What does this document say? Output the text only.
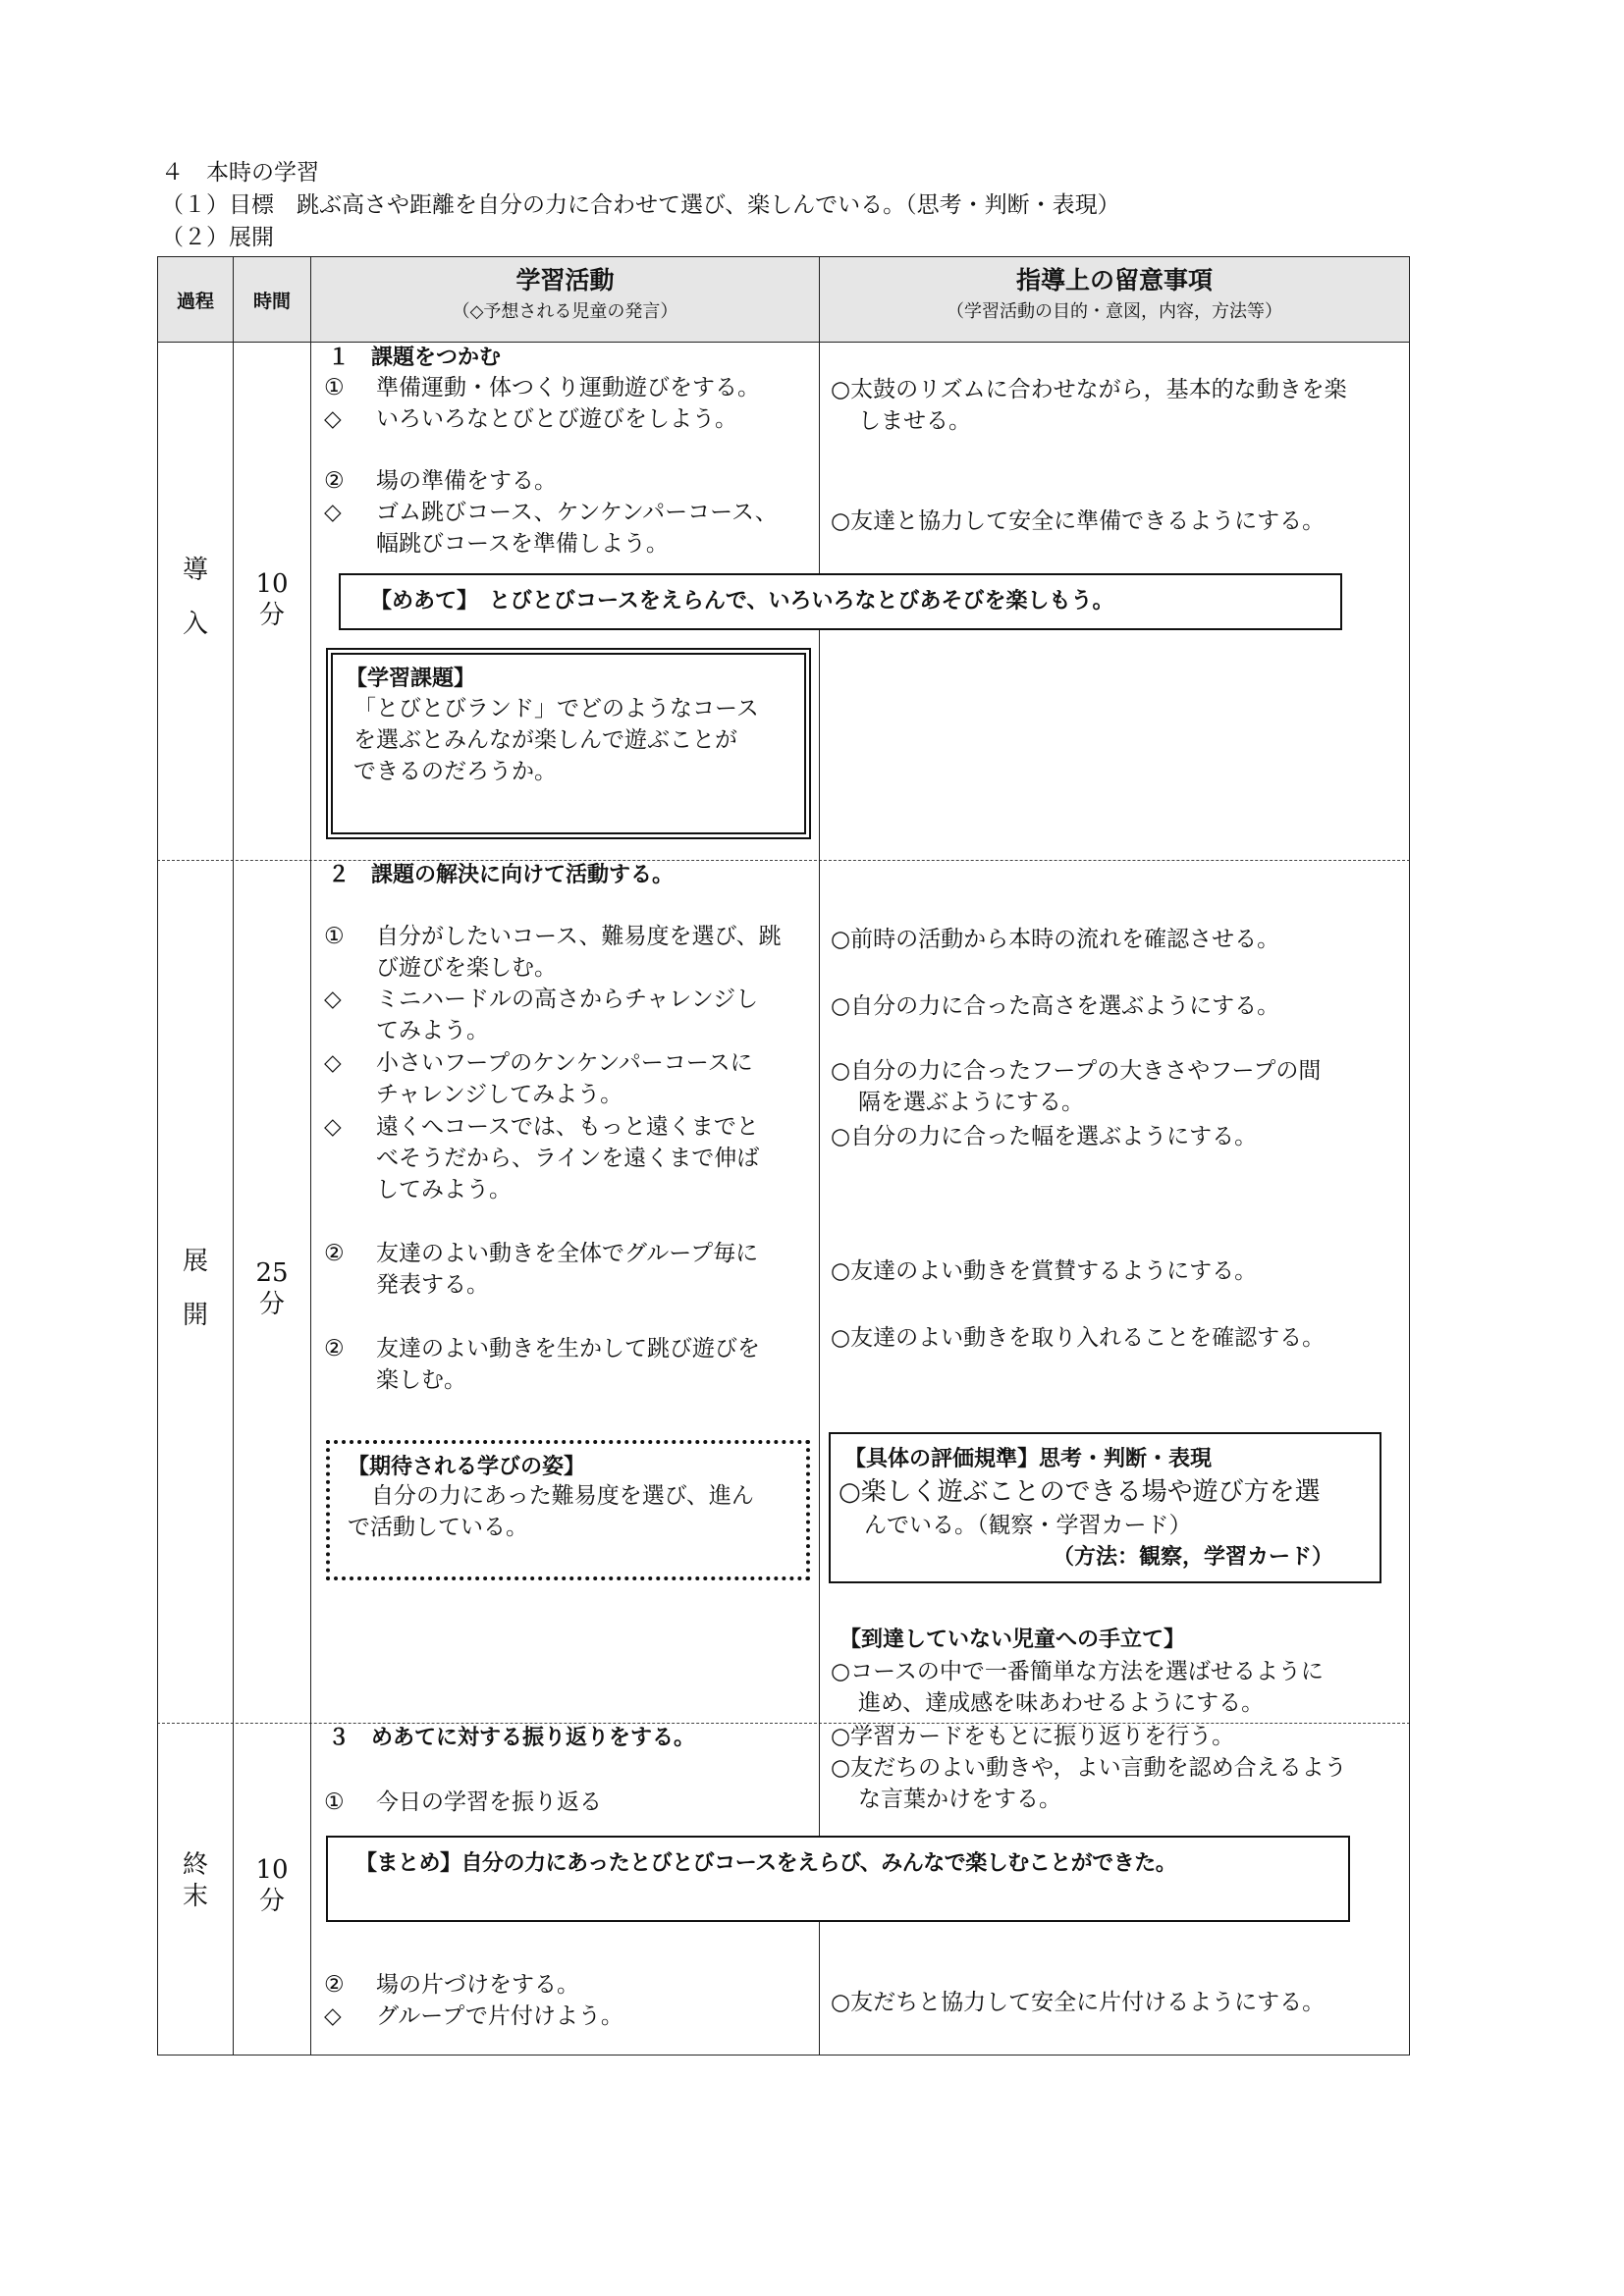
４　本時の学習
（１）目標　跳ぶ高さや距離を自分の力に合わせて選び、楽しんでいる。（思考・判断・表現）
（２）展開
過程	時間
学習活動
（◇予想される児童の発言）
指導上の留意事項
（学習活動の目的・意図，内容，方法等）
導
入
10
分
１　課題をつかむ
① 準備運動・体つくり運動遊びをする。
◇ いろいろなとびとび遊びをしよう。
② 場の準備をする。
◇ ゴム跳びコース、ケンケンパーコース、
幅跳びコースを準備しよう。
○太鼓のリズムに合わせながら，基本的な動きを楽
しませる。
○友達と協力して安全に準備できるようにする。
【めあて】　とびとびコースをえらんで、いろいろなとびあそびを楽しもう。
【学習課題】
「とびとびランド」でどのようなコース
を選ぶとみんなが楽しんで遊ぶことが
できるのだろうか。
展
開
25
分
２　課題の解決に向けて活動する。
① 自分がしたいコース、難易度を選び、跳
び遊びを楽しむ。
◇ ミニハードルの高さからチャレンジし
てみよう。
◇ 小さいフープのケンケンパーコースに
チャレンジしてみよう。
◇ 遠くへコースでは、もっと遠くまでと
べそうだから、ラインを遠くまで伸ば
してみよう。
② 友達のよい動きを全体でグループ毎に
発表する。
② 友達のよい動きを生かして跳び遊びを
楽しむ。
○前時の活動から本時の流れを確認させる。
○自分の力に合った高さを選ぶようにする。
○自分の力に合ったフープの大きさやフープの間
隔を選ぶようにする。
○自分の力に合った幅を選ぶようにする。
○友達のよい動きを賞賛するようにする。
○友達のよい動きを取り入れることを確認する。
【期待される学びの姿】
自分の力にあった難易度を選び、進ん
で活動している。
【具体の評価規準】思考・判断・表現
○楽しく遊ぶことのできる場や遊び方を選
んでいる。（観察・学習カード）
（方法：観察，学習カード）
【到達していない児童への手立て】
○コースの中で一番簡単な方法を選ばせるように
進め、達成感を味あわせるようにする。
終
末
10
分
３　めあてに対する振り返りをする。
① 今日の学習を振り返る
② 場の片づけをする。
◇ グループで片付けよう。
○学習カードをもとに振り返りを行う。
○友だちのよい動きや，よい言動を認め合えるよう
な言葉かけをする。
○友だちと協力して安全に片付けるようにする。
【まとめ】自分の力にあったとびとびコースをえらび、みんなで楽しむことができた。
